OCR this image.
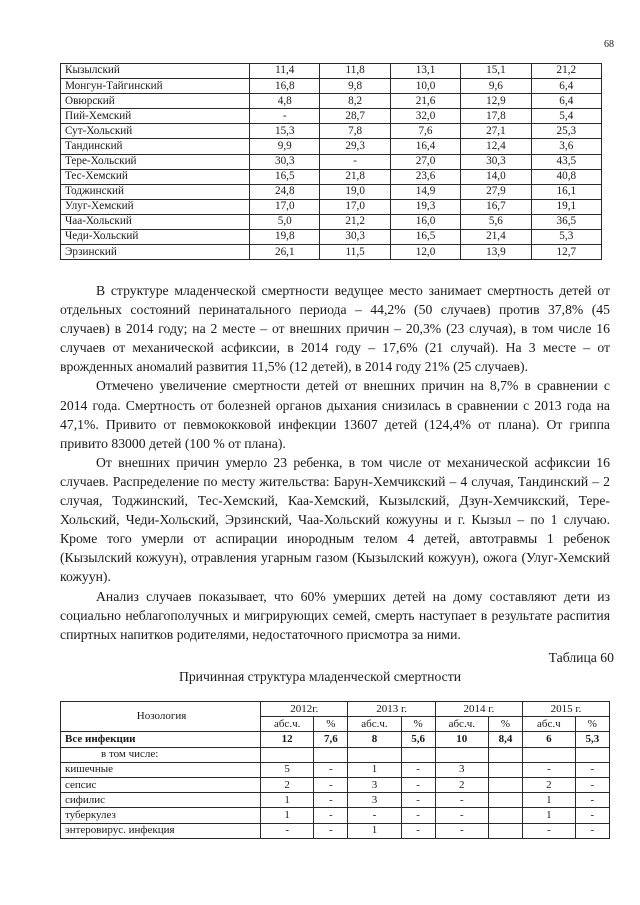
68
Кызылский	11,4	11,8	13,1	15,1	21,2
Монгун-Тайгинский	16,8	9,8	10,0	9,6	6,4
Овюрский	4,8	8,2	21,6	12,9	6,4
Пий-Хемский	-	28,7	32,0	17,8	5,4
Сут-Хольский	15,3	7,8	7,6	27,1	25,3
Тандинский	9,9	29,3	16,4	12,4	3,6
Тере-Хольский	30,3	-	27,0	30,3	43,5
Тес-Хемский	16,5	21,8	23,6	14,0	40,8
Тоджинский	24,8	19,0	14,9	27,9	16,1
Улуг-Хемский	17,0	17,0	19,3	16,7	19,1
Чаа-Хольский	5,0	21,2	16,0	5,6	36,5
Чеди-Хольский	19,8	30,3	16,5	21,4	5,3
Эрзинский	26,1	11,5	12,0	13,9	12,7

В структуре младенческой смертности ведущее место занимает смертность детей от отдельных состояний перинатального периода – 44,2% (50 случаев) против 37,8% (45 случаев) в 2014 году; на 2 месте – от внешних причин – 20,3% (23 случая), в том числе 16 случаев от механической асфиксии, в 2014 году – 17,6% (21 случай). На 3 месте – от врожденных аномалий развития 11,5% (12 детей), в 2014 году 21% (25 случаев).

Отмечено увеличение смертности детей от внешних причин на 8,7% в сравнении с 2014 года. Смертность от болезней органов дыхания снизилась в сравнении с 2013 года на 47,1%. Привито от певмококковой инфекции 13607 детей (124,4% от плана). От гриппа привито 83000 детей (100 % от плана).

От внешних причин умерло 23 ребенка, в том числе от механической асфиксии 16 случаев. Распределение по месту жительства: Барун-Хемчикский – 4 случая, Тандинский – 2 случая, Тоджинский, Тес-Хемский, Каа-Хемский, Кызылский, Дзун-Хемчикский, Тере-Хольский, Чеди-Хольский, Эрзинский, Чаа-Хольский кожууны и г. Кызыл – по 1 случаю. Кроме того умерли от аспирации инородным телом 4 детей, автотравмы 1 ребенок (Кызылский кожуун), отравления угарным газом (Кызылский кожуун), ожога (Улуг-Хемский кожуун).

Анализ случаев показывает, что 60% умерших детей на дому составляют дети из социально неблагополучных и мигрирующих семей, смерть наступает в результате распития спиртных напитков родителями, недостаточного присмотра за ними.

Таблица 60
Причинная структура младенческой смертности
Нозология	2012г.		2013 г.		2014 г.		2015 г.	
	абс.ч.	%	абс.ч.	%	абс.ч.	%	абс.ч	%
Все инфекции	12	7,6	8	5,6	10	8,4	6	5,3
в том числе:								
кишечные	5	-	1	-	3		-	-
сепсис	2	-	3	-	2		2	-
сифилис	1	-	3	-	-		1	-
туберкулез	1	-	-	-	-		1	-
энтеровирус. инфекция	-	-	1	-	-		-	-
